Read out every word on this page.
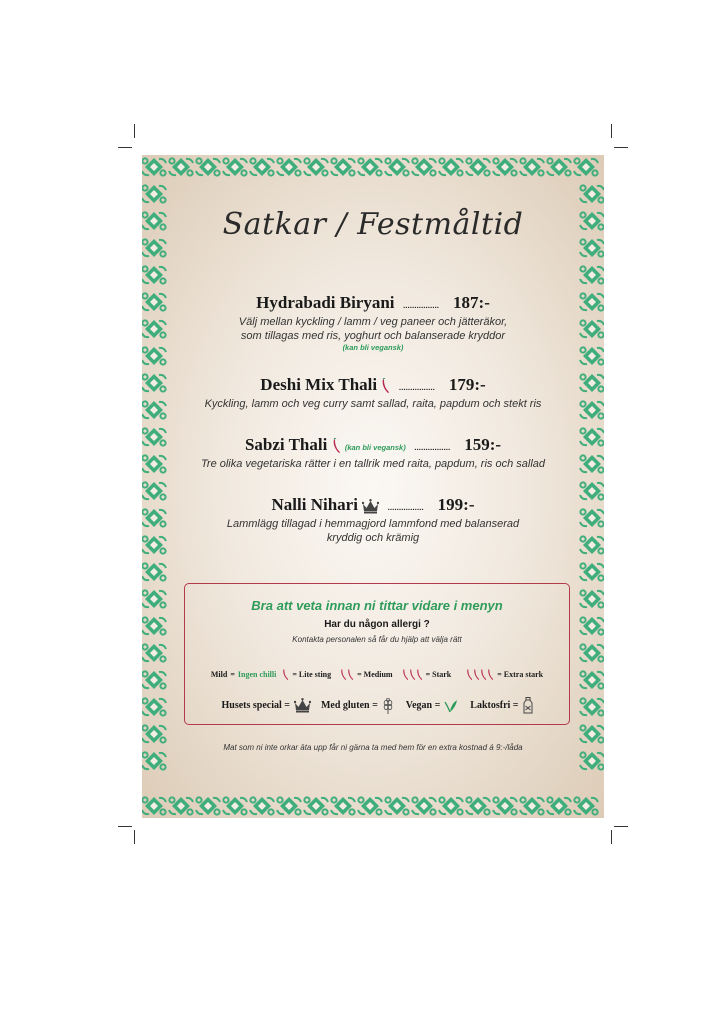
Satkar / Festmåltid
Hydrabadi Biryani ................ 187:-
Välj mellan kyckling / lamm / veg paneer och jätteräkor,
som tillagas med ris, yoghurt och balanserade kryddor
(kan bli vegansk)
Deshi Mix Thali ................ 179:-
Kyckling, lamm och veg curry samt sallad, raita, papdum och stekt ris
Sabzi Thali (kan bli vegansk) ................ 159:-
Tre olika vegetariska rätter i en tallrik med raita, papdum, ris och sallad
Nalli Nihari	................ 199:-
Lammlägg tillagad i hemmagjord lammfond med balanserad
kryddig och krämig
Bra att veta innan ni tittar vidare i menyn
Har du någon allergi ?
Kontakta personalen så får du hjälp att välja rätt
Mild = Ingen chilli = Lite sting	= Medium	= Stark	= Extra stark
Husets special =	Med gluten =	Vegan =	Laktosfri =
Mat som ni inte orkar äta upp får ni gärna ta med hem för en extra kostnad á 9:-/låda
